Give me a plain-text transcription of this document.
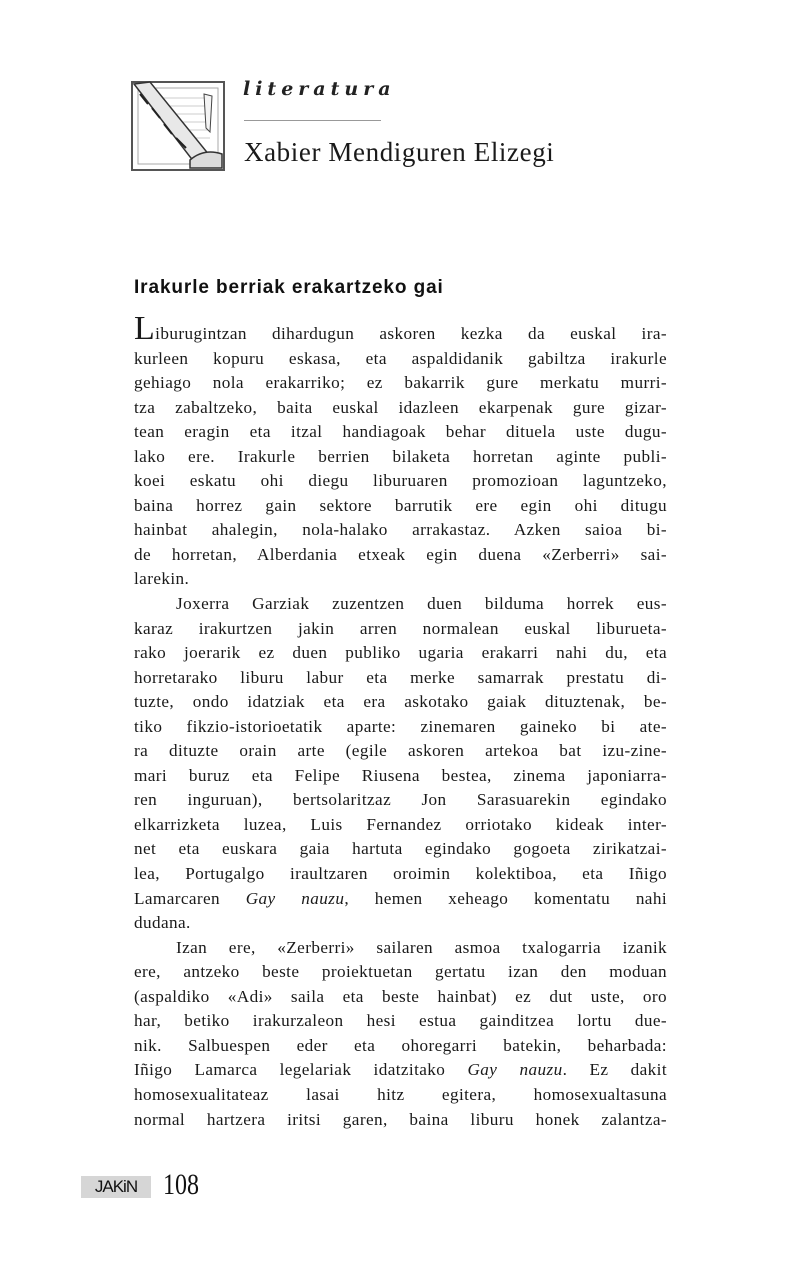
literatura
Xabier Mendiguren Elizegi
Irakurle berriak erakartzeko gai
Liburugintzan dihardugun askoren kezka da euskal ira-
kurleen kopuru eskasa, eta aspaldidanik gabiltza irakurle
gehiago nola erakarriko; ez bakarrik gure merkatu murri-
tza zabaltzeko, baita euskal idazleen ekarpenak gure gizar-
tean eragin eta itzal handiagoak behar dituela uste dugu-
lako ere. Irakurle berrien bilaketa horretan aginte publi-
koei eskatu ohi diegu liburuaren promozioan laguntzeko,
baina horrez gain sektore barrutik ere egin ohi ditugu
hainbat ahalegin, nola-halako arrakastaz. Azken saioa bi-
de horretan, Alberdania etxeak egin duena «Zerberri» sai-
larekin.
Joxerra Garziak zuzentzen duen bilduma horrek eus-
karaz irakurtzen jakin arren normalean euskal liburueta-
rako joerarik ez duen publiko ugaria erakarri nahi du, eta
horretarako liburu labur eta merke samarrak prestatu di-
tuzte, ondo idatziak eta era askotako gaiak dituztenak, be-
tiko fikzio-istorioetatik aparte: zinemaren gaineko bi ate-
ra dituzte orain arte (egile askoren artekoa bat izu-zine-
mari buruz eta Felipe Riusena bestea, zinema japoniarra-
ren inguruan), bertsolaritzaz Jon Sarasuarekin egindako
elkarrizketa luzea, Luis Fernandez orriotako kideak inter-
net eta euskara gaia hartuta egindako gogoeta zirikatzai-
lea, Portugalgo iraultzaren oroimin kolektiboa, eta Iñigo
Lamarcaren Gay nauzu, hemen xeheago komentatu nahi
dudana.
Izan ere, «Zerberri» sailaren asmoa txalogarria izanik
ere, antzeko beste proiektuetan gertatu izan den moduan
(aspaldiko «Adi» saila eta beste hainbat) ez dut uste, oro
har, betiko irakurzaleon hesi estua gainditzea lortu due-
nik. Salbuespen eder eta ohoregarri batekin, beharbada:
Iñigo Lamarca legelariak idatzitako Gay nauzu. Ez dakit
homosexualitateaz lasai hitz egitera, homosexualtasuna
normal hartzera iritsi garen, baina liburu honek zalantza-
JAKiN 108
